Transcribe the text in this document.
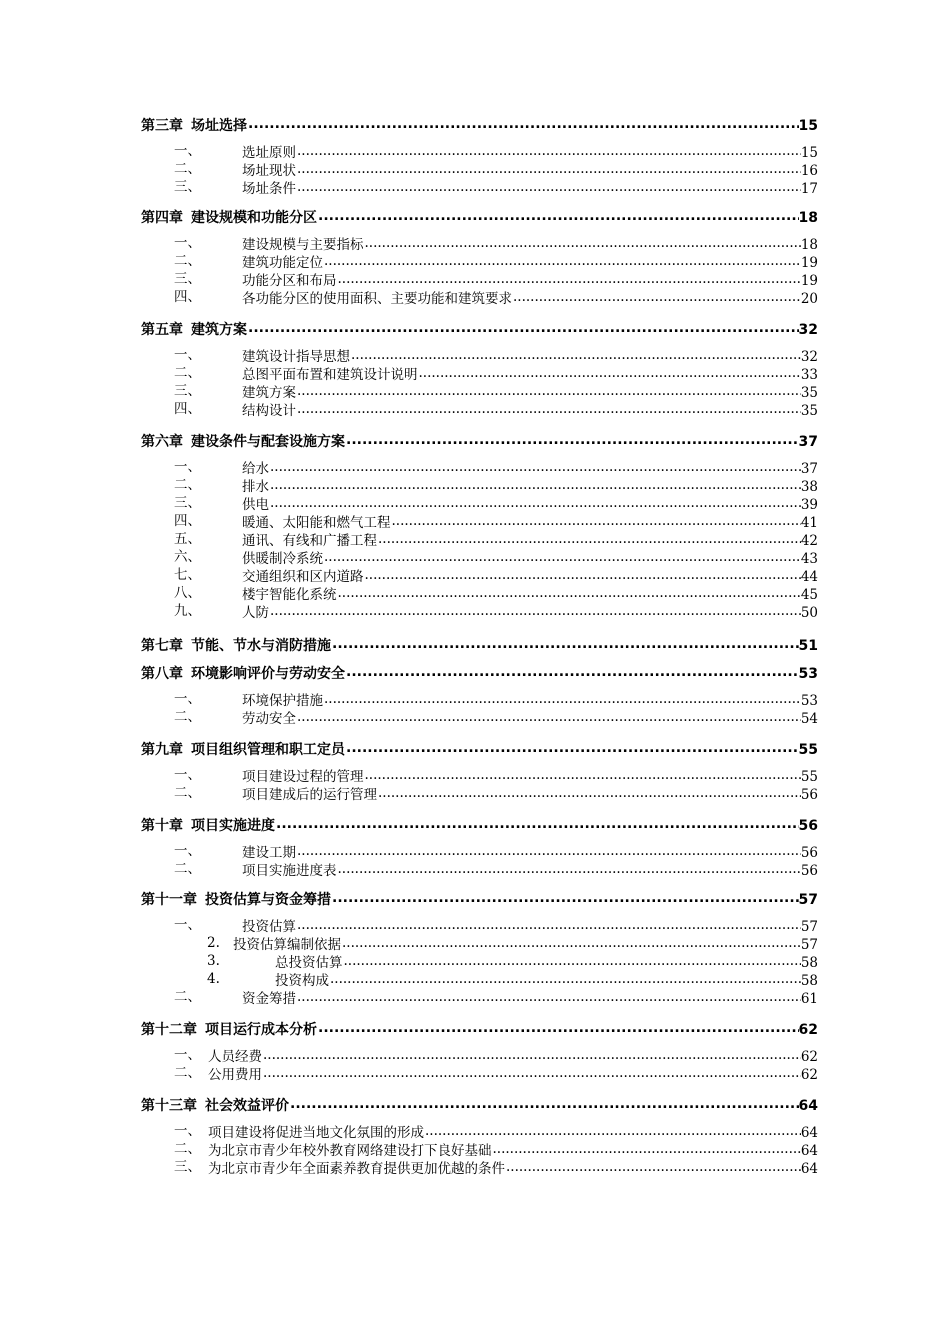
第三章 场址选择 .....	15
一、	选址原则 .....	15
二、	场址现状 .....	16
三、	场址条件 .....	17
第四章 建设规模和功能分区 .....	18
一、	建设规模与主要指标 .....	18
二、	建筑功能定位 .....	19
三、	功能分区和布局 .....	19
四、	各功能分区的使用面积、主要功能和建筑要求 .....	20
第五章 建筑方案 .....	32
一、	建筑设计指导思想 .....	32
二、	总图平面布置和建筑设计说明 .....	33
三、	建筑方案 .....	35
四、	结构设计 .....	35
第六章 建设条件与配套设施方案 .....	37
一、	给水 .....	37
二、	排水 .....	38
三、	供电 .....	39
四、	暖通、太阳能和燃气工程 .....	41
五、	通讯、有线和广播工程 .....	42
六、	供暖制冷系统 .....	43
七、	交通组织和区内道路 .....	44
八、	楼宇智能化系统 .....	45
九、	人防 .....	50
第七章 节能、节水与消防措施 .....	51
第八章 环境影响评价与劳动安全 .....	53
一、	环境保护措施 .....	53
二、	劳动安全 .....	54
第九章 项目组织管理和职工定员 .....	55
一、	项目建设过程的管理 .....	55
二、	项目建成后的运行管理 .....	56
第十章 项目实施进度 .....	56
一、	建设工期 .....	56
二、	项目实施进度表 .....	56
第十一章 投资估算与资金筹措 .....	57
一、	投资估算 .....	57
2. 投资估算编制依据 .....	57
3.	总投资估算 .....	58
4.	投资构成 .....	58
二、	资金筹措 .....	61
第十二章 项目运行成本分析 .....	62
一、 人员经费 .....	62
二、 公用费用 .....	62
第十三章 社会效益评价 .....	64
一、 项目建设将促进当地文化氛围的形成 .....	64
二、 为北京市青少年校外教育网络建设打下良好基础 .....	64
三、 为北京市青少年全面素养教育提供更加优越的条件 .....	64
